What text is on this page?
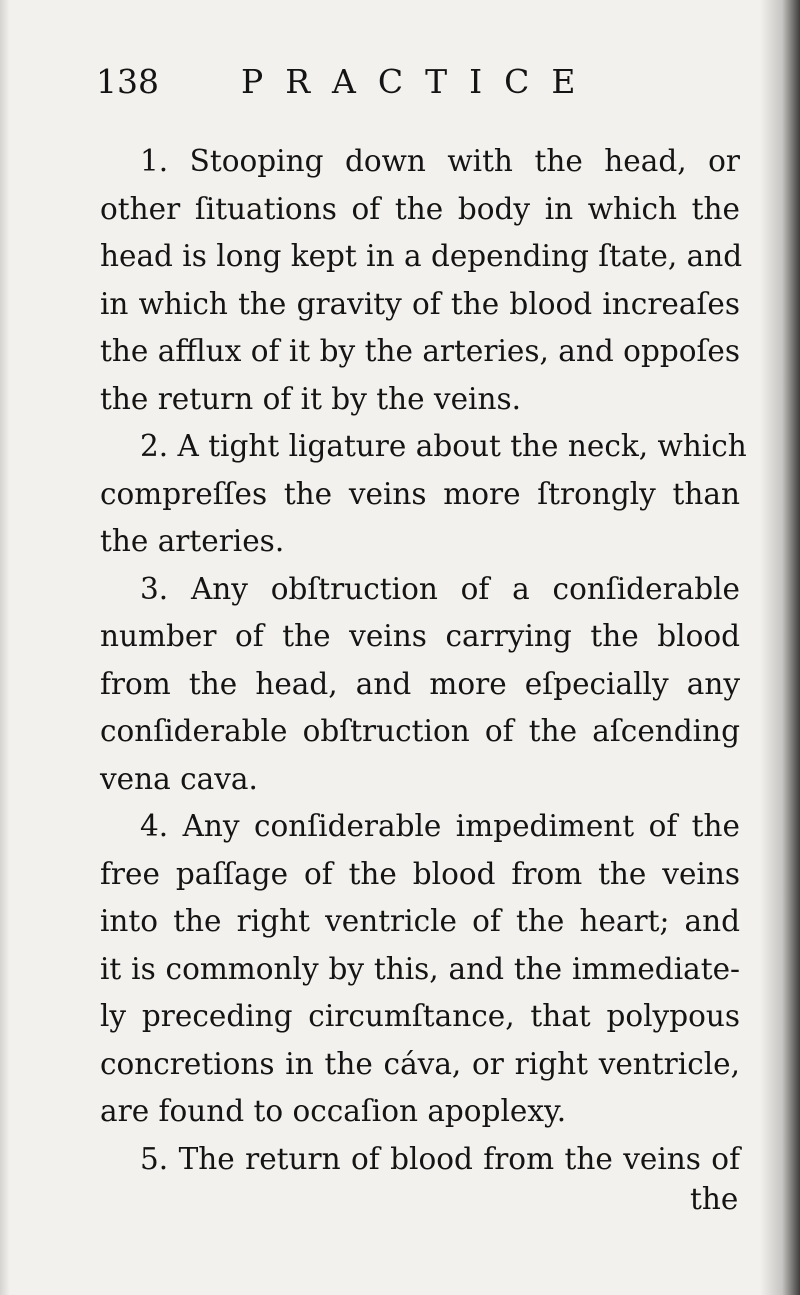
138 PRACTICE
1. Stooping down with the head, or
other ſituations of the body in which the
head is long kept in a depending ſtate, and
in which the gravity of the blood increaſes
the afflux of it by the arteries, and oppoſes
the return of it by the veins.
2. A tight ligature about the neck, which
compreſſes the veins more ſtrongly than
the arteries.
3. Any obſtruction of a conſiderable
number of the veins carrying the blood
from the head, and more eſpecially any
conſiderable obſtruction of the aſcending
vena cava.
4. Any conſiderable impediment of the
free paſſage of the blood from the veins
into the right ventricle of the heart; and
it is commonly by this, and the immediate-
ly preceding circumſtance, that polypous
concretions in the cáva, or right ventricle,
are found to occaſion apoplexy.
5. The return of blood from the veins of
the
